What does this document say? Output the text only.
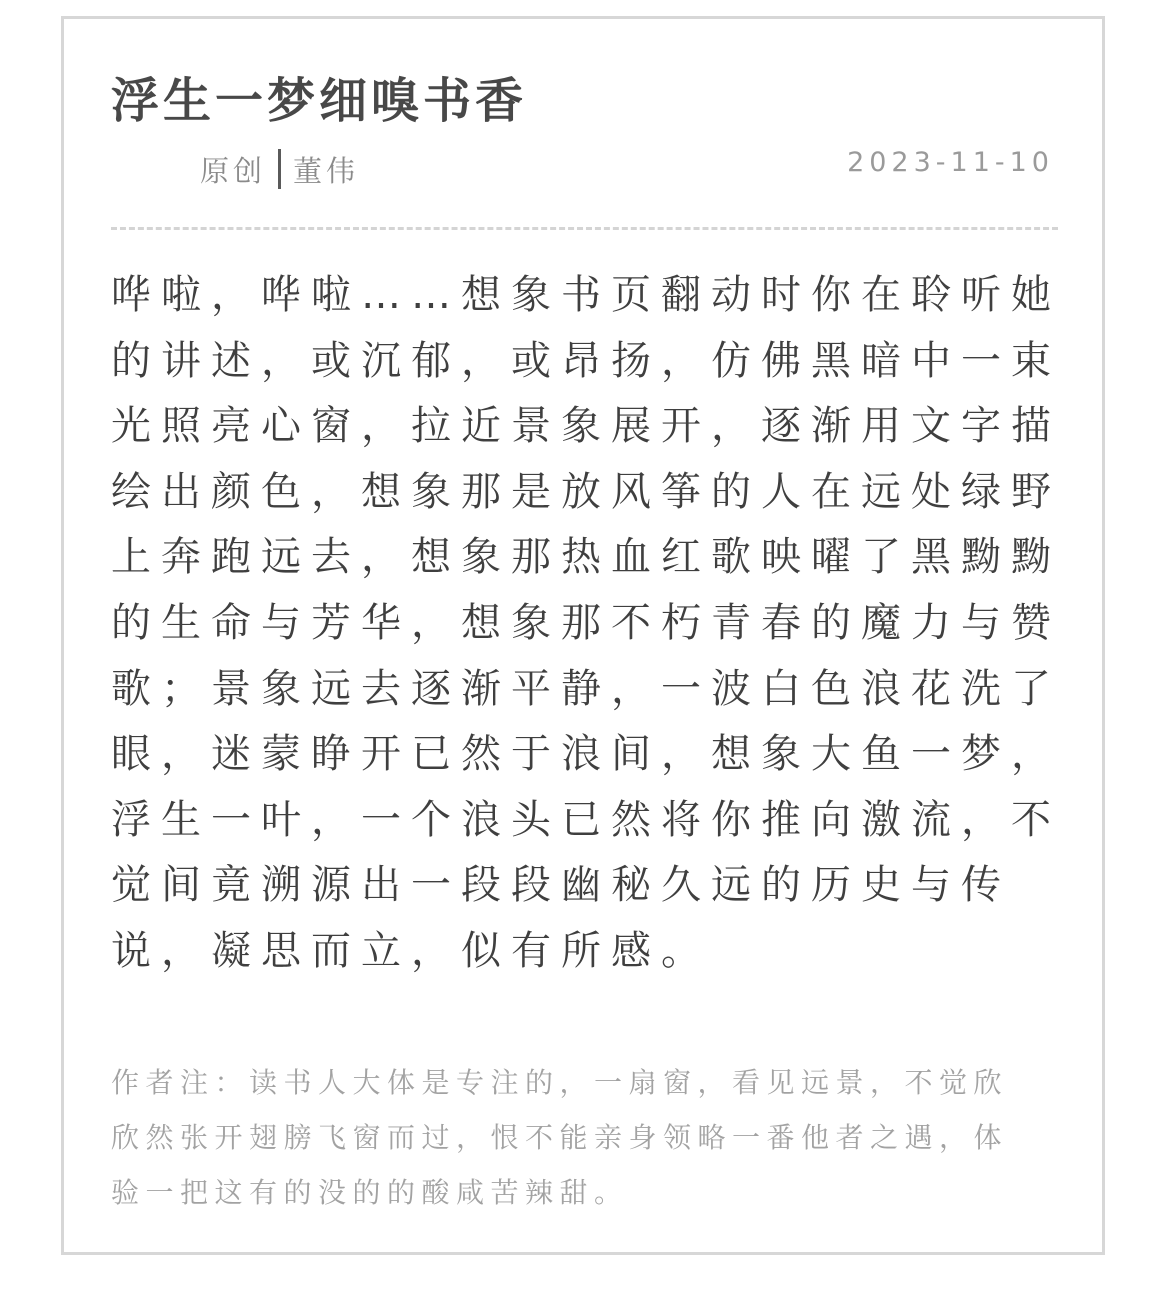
浮生一梦细嗅书香
原创 董伟	2023-11-10

哗啦，哗啦……想象书页翻动时你在聆听她
的讲述，或沉郁，或昂扬，仿佛黑暗中一束
光照亮心窗，拉近景象展开，逐渐用文字描
绘出颜色，想象那是放风筝的人在远处绿野
上奔跑远去，想象那热血红歌映曜了黑黝黝
的生命与芳华，想象那不朽青春的魔力与赞
歌；景象远去逐渐平静，一波白色浪花洗了
眼，迷蒙睁开已然于浪间，想象大鱼一梦，
浮生一叶，一个浪头已然将你推向激流，不
觉间竟溯源出一段段幽秘久远的历史与传
说，凝思而立，似有所感。

作者注：读书人大体是专注的，一扇窗，看见远景，不觉欣
欣然张开翅膀飞窗而过，恨不能亲身领略一番他者之遇，体
验一把这有的没的的酸咸苦辣甜。
